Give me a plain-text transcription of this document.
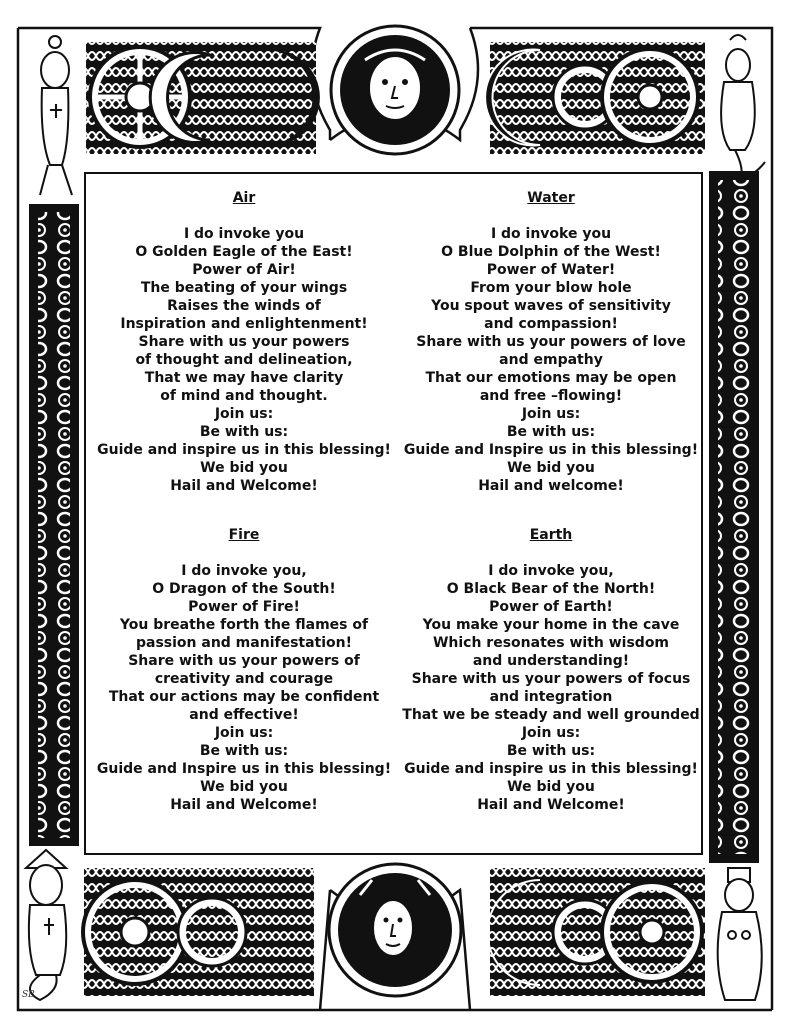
Air
I do invoke you
O Golden Eagle of the East!
Power of Air!
The beating of your wings
Raises the winds of
Inspiration and enlightenment!
Share with us your powers
of thought and delineation,
That we may have clarity
of mind and thought.
Join us:
Be with us:
Guide and inspire us in this blessing!
We bid you
Hail and Welcome!
Water
I do invoke you
O Blue Dolphin of the West!
Power of Water!
From your blow hole
You spout waves of sensitivity
and compassion!
Share with us your powers of love
and empathy
That our emotions may be open
and free –flowing!
Join us:
Be with us:
Guide and Inspire us in this blessing!
We bid you
Hail and welcome!
Fire
I do invoke you,
O Dragon of the South!
Power of Fire!
You breathe forth the flames of
passion and manifestation!
Share with us your powers of
creativity and courage
That our actions may be confident
and effective!
Join us:
Be with us:
Guide and Inspire us in this blessing!
We bid you
Hail and Welcome!
Earth
I do invoke you,
O Black Bear of the North!
Power of Earth!
You make your home in the cave
Which resonates with wisdom
and understanding!
Share with us your powers of focus
and integration
That we be steady and well grounded
Join us:
Be with us:
Guide and inspire us in this blessing!
We bid you
Hail and Welcome!
SB
